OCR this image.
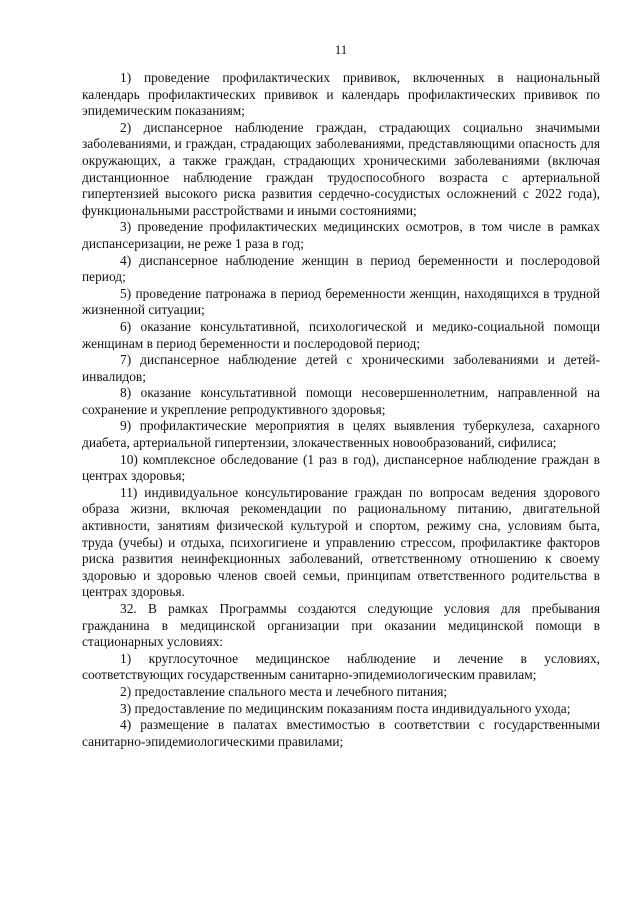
11

1) проведение профилактических прививок, включенных в национальный календарь профилактических прививок и календарь профилактических прививок по эпидемическим показаниям;

2) диспансерное наблюдение граждан, страдающих социально значимыми заболеваниями, и граждан, страдающих заболеваниями, представляющими опасность для окружающих, а также граждан, страдающих хроническими заболеваниями (включая дистанционное наблюдение граждан трудоспособного возраста с артериальной гипертензией высокого риска развития сердечно-сосудистых осложнений с 2022 года), функциональными расстройствами и иными состояниями;

3) проведение профилактических медицинских осмотров, в том числе в рамках диспансеризации, не реже 1 раза в год;

4) диспансерное наблюдение женщин в период беременности и послеродовой период;

5) проведение патронажа в период беременности женщин, находящихся в трудной жизненной ситуации;

6) оказание консультативной, психологической и медико-социальной помощи женщинам в период беременности и послеродовой период;

7) диспансерное наблюдение детей с хроническими заболеваниями и детей-инвалидов;

8) оказание консультативной помощи несовершеннолетним, направленной на сохранение и укрепление репродуктивного здоровья;

9) профилактические мероприятия в целях выявления туберкулеза, сахарного диабета, артериальной гипертензии, злокачественных новообразований, сифилиса;

10) комплексное обследование (1 раз в год), диспансерное наблюдение граждан в центрах здоровья;

11) индивидуальное консультирование граждан по вопросам ведения здорового образа жизни, включая рекомендации по рациональному питанию, двигательной активности, занятиям физической культурой и спортом, режиму сна, условиям быта, труда (учебы) и отдыха, психогигиене и управлению стрессом, профилактике факторов риска развития неинфекционных заболеваний, ответственному отношению к своему здоровью и здоровью членов своей семьи, принципам ответственного родительства в центрах здоровья.

32. В рамках Программы создаются следующие условия для пребывания гражданина в медицинской организации при оказании медицинской помощи в стационарных условиях:

1) круглосуточное медицинское наблюдение и лечение в условиях, соответствующих государственным санитарно-эпидемиологическим правилам;

2) предоставление спального места и лечебного питания;

3) предоставление по медицинским показаниям поста индивидуального ухода;

4) размещение в палатах вместимостью в соответствии с государственными санитарно-эпидемиологическими правилами;
